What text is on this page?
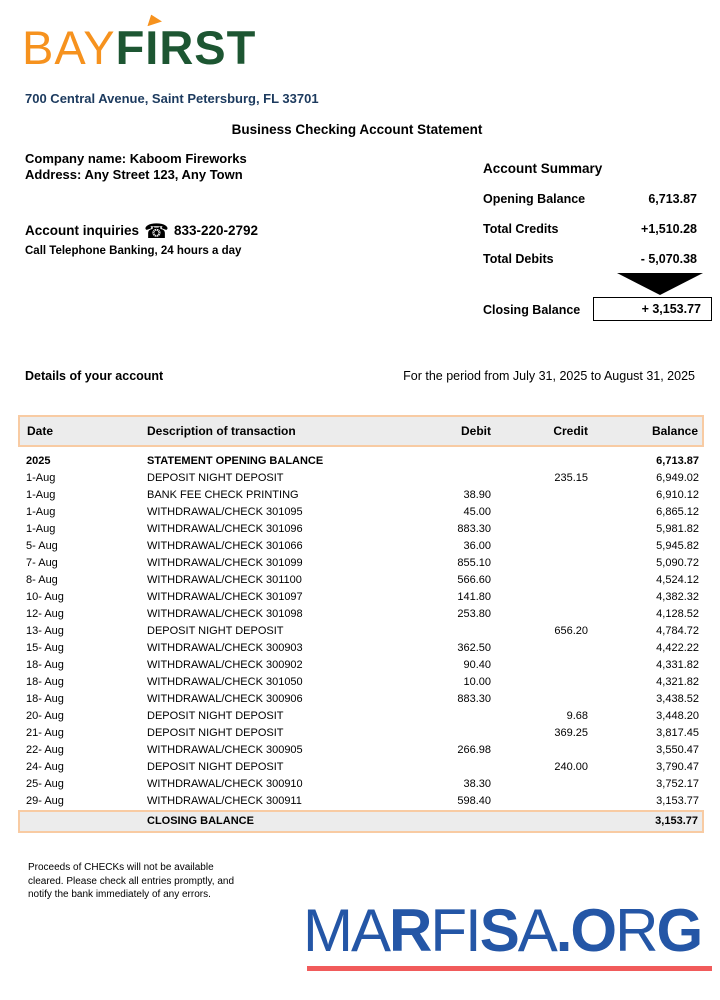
BAYFI
RST
700 Central Avenue, Saint Petersburg, FL 33701
Business Checking Account Statement
Company name: Kaboom Fireworks
Address: Any Street 123, Any Town
Account inquiries ☎ 833-220-2792
Call Telephone Banking, 24 hours a day
Account Summary
Opening Balance	6,713.87
Total Credits	+1,510.28
Total Debits	- 5,070.38
Closing Balance	+ 3,153.77
Details of your account	For the period from July 31, 2025 to August 31, 2025
Date	Description of transaction	Debit	Credit	Balance
2025	STATEMENT OPENING BALANCE			6,713.87
1-Aug	DEPOSIT NIGHT DEPOSIT		235.15	6,949.02
1-Aug	BANK FEE CHECK PRINTING	38.90		6,910.12
1-Aug	WITHDRAWAL/CHECK 301095	45.00		6,865.12
1-Aug	WITHDRAWAL/CHECK 301096	883.30		5,981.82
5- Aug	WITHDRAWAL/CHECK 301066	36.00		5,945.82
7- Aug	WITHDRAWAL/CHECK 301099	855.10		5,090.72
8- Aug	WITHDRAWAL/CHECK 301100	566.60		4,524.12
10- Aug	WITHDRAWAL/CHECK 301097	141.80		4,382.32
12- Aug	WITHDRAWAL/CHECK 301098	253.80		4,128.52
13- Aug	DEPOSIT NIGHT DEPOSIT		656.20	4,784.72
15- Aug	WITHDRAWAL/CHECK 300903	362.50		4,422.22
18- Aug	WITHDRAWAL/CHECK 300902	90.40		4,331.82
18- Aug	WITHDRAWAL/CHECK 301050	10.00		4,321.82
18- Aug	WITHDRAWAL/CHECK 300906	883.30		3,438.52
20- Aug	DEPOSIT NIGHT DEPOSIT		9.68	3,448.20
21- Aug	DEPOSIT NIGHT DEPOSIT		369.25	3,817.45
22- Aug	WITHDRAWAL/CHECK 300905	266.98		3,550.47
24- Aug	DEPOSIT NIGHT DEPOSIT		240.00	3,790.47
25- Aug	WITHDRAWAL/CHECK 300910	38.30		3,752.17
29- Aug	WITHDRAWAL/CHECK 300911	598.40		3,153.77
	CLOSING BALANCE			3,153.77
Proceeds of CHECKs will not be available
cleared. Please check all entries promptly, and
notify the bank immediately of any errors.
MARFISA.ORG
